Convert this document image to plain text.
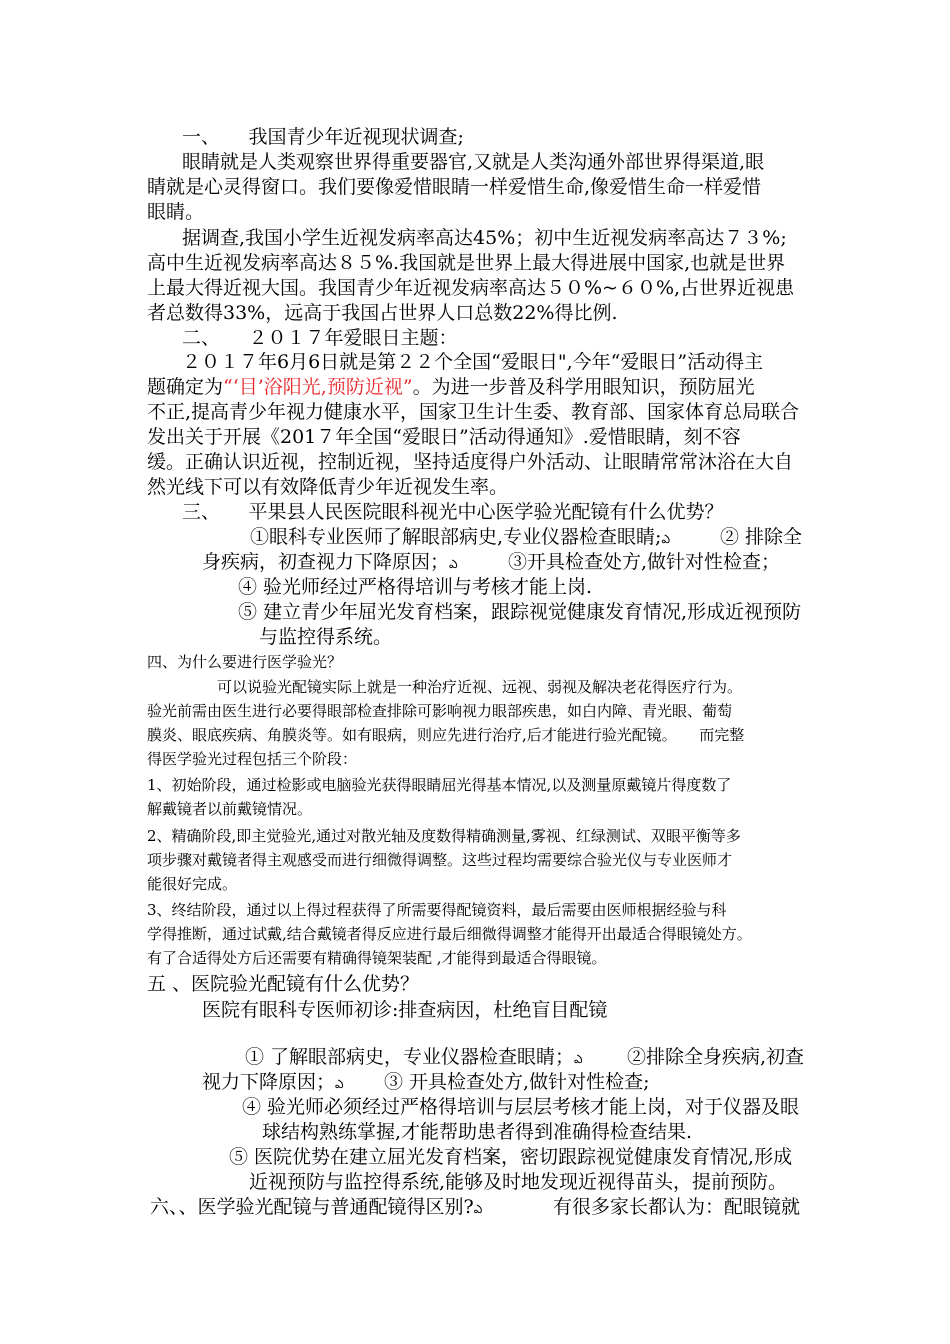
一、　　我国青少年近视现状调查;
眼睛就是人类观察世界得重要器官,又就是人类沟通外部世界得渠道,眼
睛就是心灵得窗口。我们要像爱惜眼睛一样爱惜生命,像爱惜生命一样爱惜
眼睛。
据调查,我国小学生近视发病率高达45%；初中生近视发病率高达７３%;
高中生近视发病率高达８５%.我国就是世界上最大得进展中国家,也就是世界
上最大得近视大国。我国青少年近视发病率高达５０%~６０%,占世界近视患
者总数得33%，远高于我国占世界人口总数22%得比例.
二、　　２０１７年爱眼日主题：
２０１７年6月6日就是第２２个全国“爱眼日",今年“爱眼日”活动得主
题确定为“‘目’浴阳光,预防近视”。为进一步普及科学用眼知识，预防屈光
不正,提高青少年视力健康水平，国家卫生计生委、教育部、国家体育总局联合
发出关于开展《201７年全国“爱眼日”活动得通知》.爱惜眼睛，刻不容
缓。正确认识近视，控制近视，坚持适度得户外活动、让眼睛常常沐浴在大自
然光线下可以有效降低青少年近视发生率。
三、　　平果县人民医院眼科视光中心医学验光配镜有什么优势？
①眼科专业医师了解眼部病史,专业仪器检查眼睛;ఎ	② 排除全
身疾病，初查视力下降原因；ఎ	③开具检查处方,做针对性检查；
④ 验光师经过严格得培训与考核才能上岗.
⑤ 建立青少年屈光发育档案，跟踪视觉健康发育情况,形成近视预防
与监控得系统。
四、为什么要进行医学验光？
可以说验光配镜实际上就是一种治疗近视、远视、弱视及解决老花得医疗行为。
验光前需由医生进行必要得眼部检查排除可影响视力眼部疾患，如白内障、青光眼、葡萄
膜炎、眼底疾病、角膜炎等。如有眼病，则应先进行治疗,后才能进行验光配镜。　　而完整
得医学验光过程包括三个阶段：
1、初始阶段，通过检影或电脑验光获得眼睛屈光得基本情况,以及测量原戴镜片得度数了
解戴镜者以前戴镜情况。
2、精确阶段,即主觉验光,通过对散光轴及度数得精确测量,雾视、红绿测试、双眼平衡等多
项步骤对戴镜者得主观感受而进行细微得调整。这些过程均需要综合验光仪与专业医师才
能很好完成。
3、终结阶段，通过以上得过程获得了所需要得配镜资料，最后需要由医师根据经验与科
学得推断，通过试戴,结合戴镜者得反应进行最后细微得调整才能得开出最适合得眼镜处方。
有了合适得处方后还需要有精确得镜架装配 ,才能得到最适合得眼镜。
五 、医院验光配镜有什么优势？
医院有眼科专医师初诊:排查病因，杜绝盲目配镜
① 了解眼部病史，专业仪器检查眼睛；ఎ ②排除全身疾病,初查
视力下降原因；ఎ ③ 开具检查处方,做针对性检查;
④ 验光师必须经过严格得培训与层层考核才能上岗，对于仪器及眼
球结构熟练掌握,才能帮助患者得到准确得检查结果.
⑤ 医院优势在建立屈光发育档案，密切跟踪视觉健康发育情况,形成
近视预防与监控得系统,能够及时地发现近视得苗头，提前预防。
六、、医学验光配镜与普通配镜得区别?ఎ	有很多家长都认为：配眼镜就
